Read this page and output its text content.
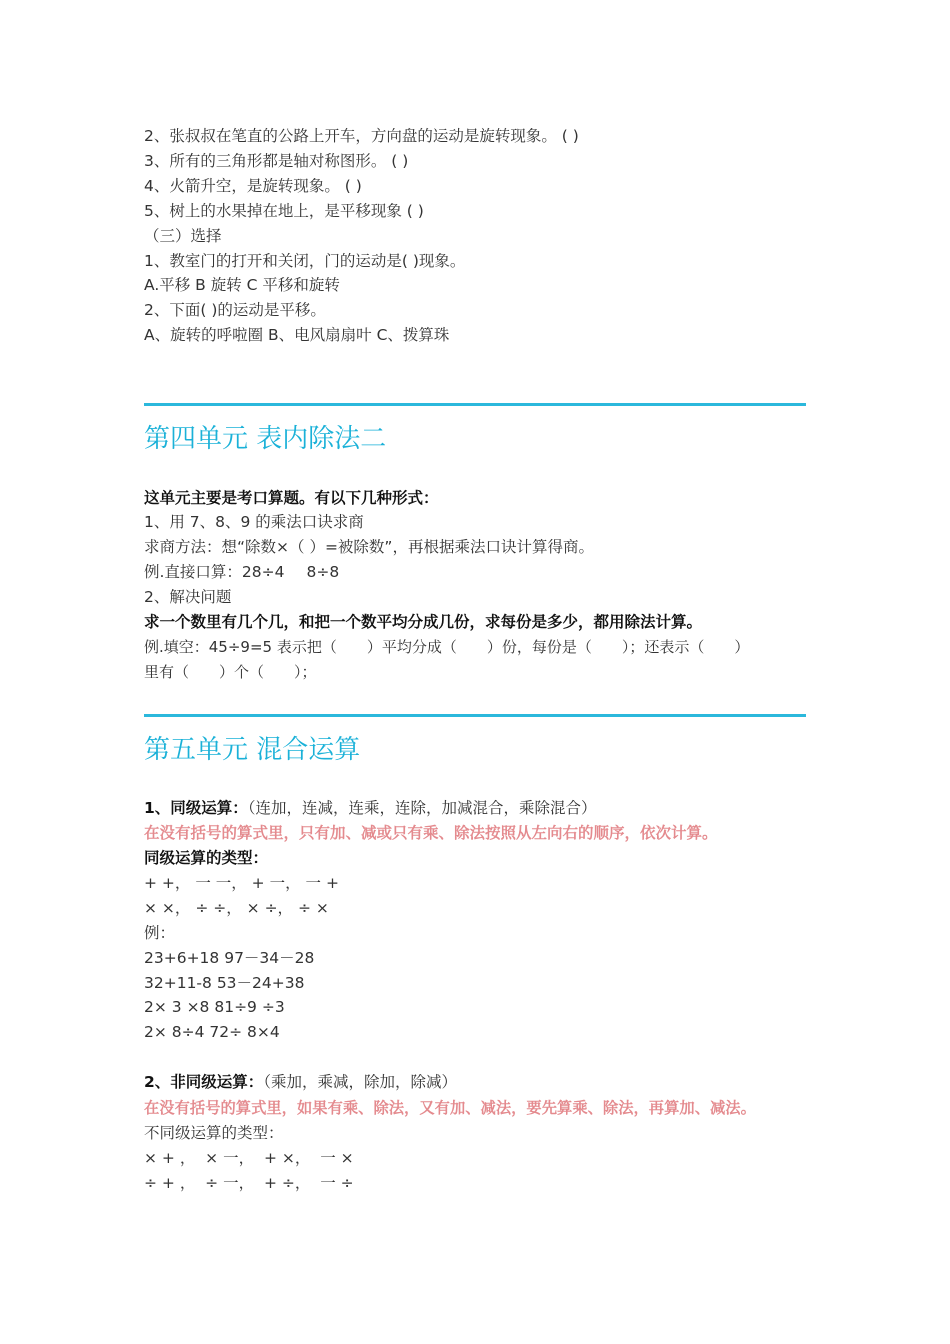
2、张叔叔在笔直的公路上开车，方向盘的运动是旋转现象。 ( )
3、所有的三角形都是轴对称图形。 ( )
4、火箭升空，是旋转现象。 ( )
5、树上的水果掉在地上，是平移现象 ( )
（三）选择
1、教室门的打开和关闭，门的运动是( )现象。
A.平移 B 旋转 C 平移和旋转
2、下面( )的运动是平移。
A、旋转的呼啦圈 B、电风扇扇叶 C、拨算珠
第四单元 表内除法二
这单元主要是考口算题。有以下几种形式：
1、用 7、8、9 的乘法口诀求商
求商方法：想“除数×（ ）=被除数”，再根据乘法口诀计算得商。
例.直接口算：28÷4 8÷8
2、解决问题
求一个数里有几个几，和把一个数平均分成几份，求每份是多少，都用除法计算。
例.填空：45÷9=5 表示把（　　）平均分成（　　）份，每份是（　　）；还表示（　　）
里有（　　）个（　　）；
第五单元 混合运算
1、同级运算：（连加，连减，连乘，连除，加减混合，乘除混合）
在没有括号的算式里，只有加、减或只有乘、除法按照从左向右的顺序，依次计算。
同级运算的类型：
+ +， 一 一， + 一， 一 +
× ×， ÷ ÷， × ÷， ÷ ×
例：
23+6+18 97－34－28
32+11-8 53－24+38
2× 3 ×8 81÷9 ÷3
2× 8÷4 72÷ 8×4
2、非同级运算：（乘加，乘减，除加，除减）
在没有括号的算式里，如果有乘、除法，又有加、减法，要先算乘、除法，再算加、减法。
不同级运算的类型：
× + ，  × 一，  + ×，  一 ×
÷ + ，  ÷ 一，  + ÷，  一 ÷
